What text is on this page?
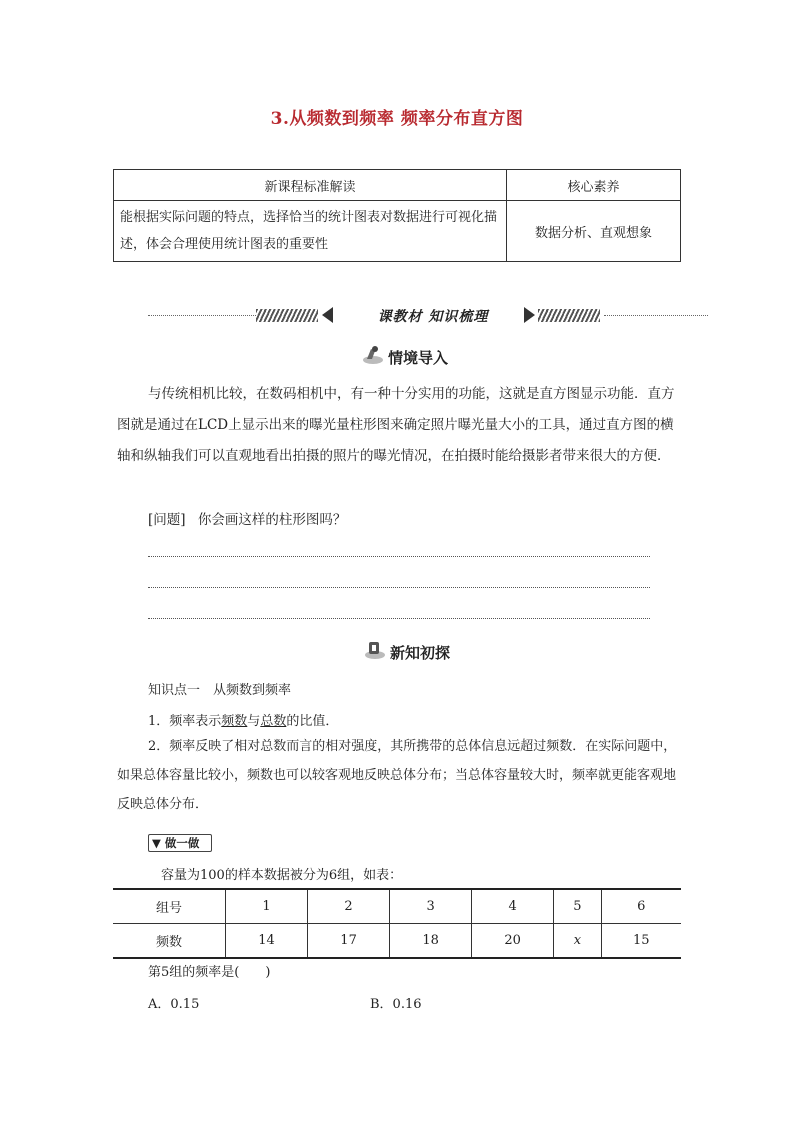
3.从频数到频率 频率分布直方图
新课程标准解读	核心素养
能根据实际问题的特点，选择恰当的统计图表对数据进行可视化描述，体会合理使用统计图表的重要性	数据分析、直观想象
课教材 知识梳理
情境导入
与传统相机比较，在数码相机中，有一种十分实用的功能，这就是直方图显示功能．直方图就是通过在LCD上显示出来的曝光量柱形图来确定照片曝光量大小的工具，通过直方图的横轴和纵轴我们可以直观地看出拍摄的照片的曝光情况，在拍摄时能给摄影者带来很大的方便．
[问题] 你会画这样的柱形图吗？
新知初探
知识点一　从频数到频率
1．频率表示频数与总数的比值．
2．频率反映了相对总数而言的相对强度，其所携带的总体信息远超过频数．在实际问题中，如果总体容量比较小，频数也可以较客观地反映总体分布；当总体容量较大时，频率就更能客观地反映总体分布．
▼ 做一做
容量为100的样本数据被分为6组，如表：
组号	1	2	3	4	5	6
频数	14	17	18	20	x	15
第5组的频率是(　　)
A．0.15	B．0.16
